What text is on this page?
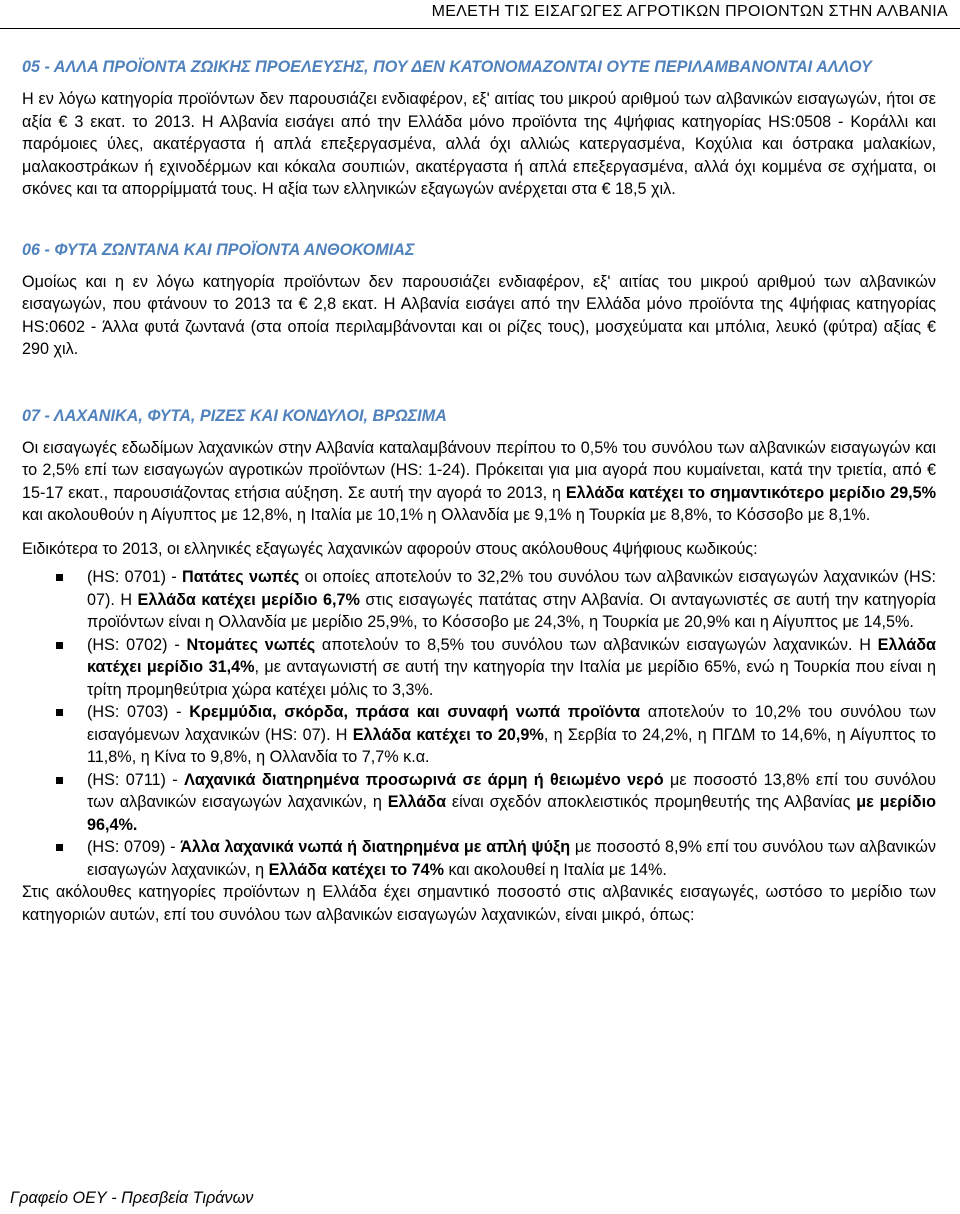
ΜΕΛΕΤΗ ΤΙΣ ΕΙΣΑΓΩΓΕΣ ΑΓΡΟΤΙΚΩΝ ΠΡΟΙΟΝΤΩΝ ΣΤΗΝ ΑΛΒΑΝΙΑ
05 - ΑΛΛΑ ΠΡΟΪΟΝΤΑ ΖΩΙΚΗΣ ΠΡΟΕΛΕΥΣΗΣ, ΠΟΥ ΔΕΝ ΚΑΤΟΝΟΜΑΖΟΝΤΑΙ ΟΥΤΕ ΠΕΡΙΛΑΜΒΑΝΟΝΤΑΙ ΑΛΛΟΥ

Η εν λόγω κατηγορία προϊόντων δεν παρουσιάζει ενδιαφέρον, εξ' αιτίας του μικρού αριθμού των αλβανικών εισαγωγών, ήτοι σε αξία € 3 εκατ. το 2013. Η Αλβανία εισάγει από την Ελλάδα μόνο προϊόντα της 4ψήφιας κατηγορίας HS:0508 - Κοράλλι και παρόμοιες ύλες, ακατέργαστα ή απλά επεξεργασμένα, αλλά όχι αλλιώς κατεργασμένα, Κοχύλια και όστρακα μαλακίων, μαλακοστράκων ή εχινοδέρμων και κόκαλα σουπιών, ακατέργαστα ή απλά επεξεργασμένα, αλλά όχι κομμένα σε σχήματα, οι σκόνες και τα απορρίμματά τους. Η αξία των ελληνικών εξαγωγών ανέρχεται στα € 18,5 χιλ.

06 - ΦΥΤΑ ΖΩΝΤΑΝΑ ΚΑΙ ΠΡΟΪΟΝΤΑ ΑΝΘΟΚΟΜΙΑΣ

Ομοίως και η εν λόγω κατηγορία προϊόντων δεν παρουσιάζει ενδιαφέρον, εξ' αιτίας του μικρού αριθμού των αλβανικών εισαγωγών, που φτάνουν το 2013 τα € 2,8 εκατ. Η Αλβανία εισάγει από την Ελλάδα μόνο προϊόντα της 4ψήφιας κατηγορίας HS:0602 - Άλλα φυτά ζωντανά (στα οποία περιλαμβάνονται και οι ρίζες τους), μοσχεύματα και μπόλια, λευκό (φύτρα) αξίας € 290 χιλ.

07 - ΛΑΧΑΝΙΚΑ, ΦΥΤΑ, ΡΙΖΕΣ ΚΑΙ ΚΟΝΔΥΛΟΙ, ΒΡΩΣΙΜΑ

Οι εισαγωγές εδωδίμων λαχανικών στην Αλβανία καταλαμβάνουν περίπου το 0,5% του συνόλου των αλβανικών εισαγωγών και το 2,5% επί των εισαγωγών αγροτικών προϊόντων (HS: 1-24). Πρόκειται για μια αγορά που κυμαίνεται, κατά την τριετία, από € 15-17 εκατ., παρουσιάζοντας ετήσια αύξηση. Σε αυτή την αγορά το 2013, η Ελλάδα κατέχει το σημαντικότερο μερίδιο 29,5% και ακολουθούν η Αίγυπτος με 12,8%, η Ιταλία με 10,1% η Ολλανδία με 9,1% η Τουρκία με 8,8%, το Κόσσοβο με 8,1%.

Ειδικότερα το 2013, οι ελληνικές εξαγωγές λαχανικών αφορούν στους ακόλουθους 4ψήφιους κωδικούς:

(HS: 0701) - Πατάτες νωπές οι οποίες αποτελούν το 32,2% του συνόλου των αλβανικών εισαγωγών λαχανικών (HS: 07). Η Ελλάδα κατέχει μερίδιο 6,7% στις εισαγωγές πατάτας στην Αλβανία. Οι ανταγωνιστές σε αυτή την κατηγορία προϊόντων είναι η Ολλανδία με μερίδιο 25,9%, το Κόσσοβο με 24,3%, η Τουρκία με 20,9% και η Αίγυπτος με 14,5%.
(HS: 0702) - Ντομάτες νωπές αποτελούν το 8,5% του συνόλου των αλβανικών εισαγωγών λαχανικών. Η Ελλάδα κατέχει μερίδιο 31,4%, με ανταγωνιστή σε αυτή την κατηγορία την Ιταλία με μερίδιο 65%, ενώ η Τουρκία που είναι η τρίτη προμηθεύτρια χώρα κατέχει μόλις το 3,3%.
(HS: 0703) - Κρεμμύδια, σκόρδα, πράσα και συναφή νωπά προϊόντα αποτελούν το 10,2% του συνόλου των εισαγόμενων λαχανικών (HS: 07). Η Ελλάδα κατέχει το 20,9%, η Σερβία το 24,2%, η ΠΓΔΜ το 14,6%, η Αίγυπτος το 11,8%, η Κίνα το 9,8%, η Ολλανδία το 7,7% κ.α.
(HS: 0711) - Λαχανικά διατηρημένα προσωρινά σε άρμη ή θειωμένο νερό με ποσοστό 13,8% επί του συνόλου των αλβανικών εισαγωγών λαχανικών, η Ελλάδα είναι σχεδόν αποκλειστικός προμηθευτής της Αλβανίας με μερίδιο 96,4%.
(HS: 0709) - Άλλα λαχανικά νωπά ή διατηρημένα με απλή ψύξη με ποσοστό 8,9% επί του συνόλου των αλβανικών εισαγωγών λαχανικών, η Ελλάδα κατέχει το 74% και ακολουθεί η Ιταλία με 14%.

Στις ακόλουθες κατηγορίες προϊόντων η Ελλάδα έχει σημαντικό ποσοστό στις αλβανικές εισαγωγές, ωστόσο το μερίδιο των κατηγοριών αυτών, επί του συνόλου των αλβανικών εισαγωγών λαχανικών, είναι μικρό, όπως:

Γραφείο ΟΕΥ - Πρεσβεία Τιράνων
